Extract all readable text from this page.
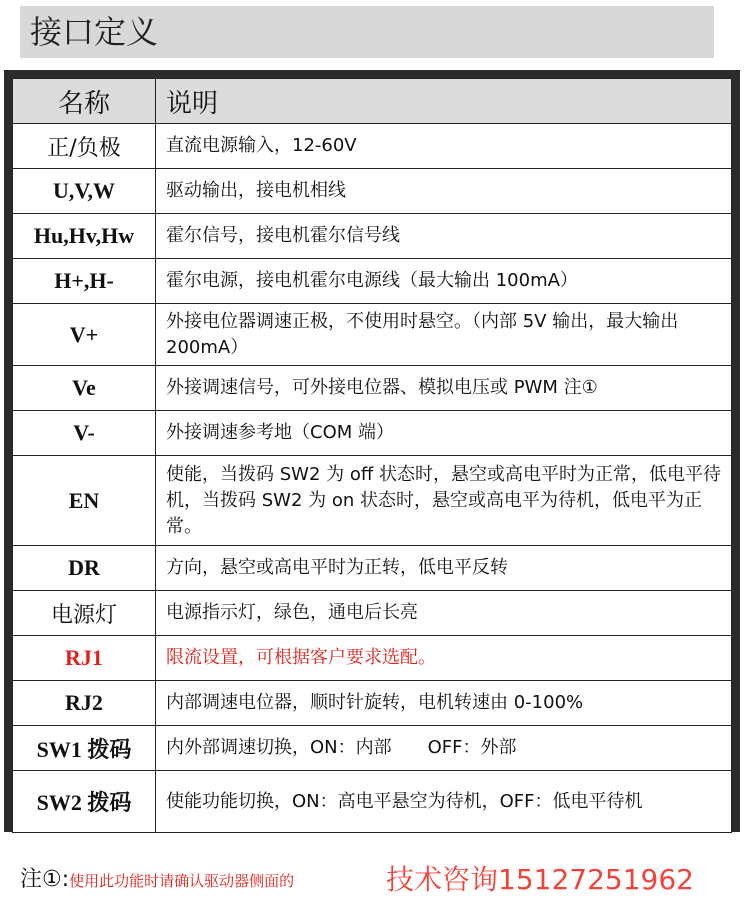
接口定义
名称	说明
正/负极	直流电源输入，12-60V
U,V,W	驱动输出，接电机相线
Hu,Hv,Hw	霍尔信号，接电机霍尔信号线
H+,H-	霍尔电源，接电机霍尔电源线（最大输出 100mA）
V+	外接电位器调速正极，不使用时悬空。（内部 5V 输出，最大输出 200mA）
Ve	外接调速信号，可外接电位器、模拟电压或 PWM 注①
V-	外接调速参考地（COM 端）
EN	使能，当拨码 SW2 为 off 状态时，悬空或高电平时为正常，低电平待机，当拨码 SW2 为 on 状态时，悬空或高电平为待机，低电平为正常。
DR	方向，悬空或高电平时为正转，低电平反转
电源灯	电源指示灯，绿色，通电后长亮
RJ1	限流设置，可根据客户要求选配。
RJ2	内部调速电位器，顺时针旋转，电机转速由 0-100%
SW1 拨码	内外部调速切换，ON：内部　　OFF：外部
SW2 拨码	使能功能切换，ON：高电平悬空为待机，OFF：低电平待机
注①:使用此功能时请确认驱动器侧面的	技术咨询15127251962
